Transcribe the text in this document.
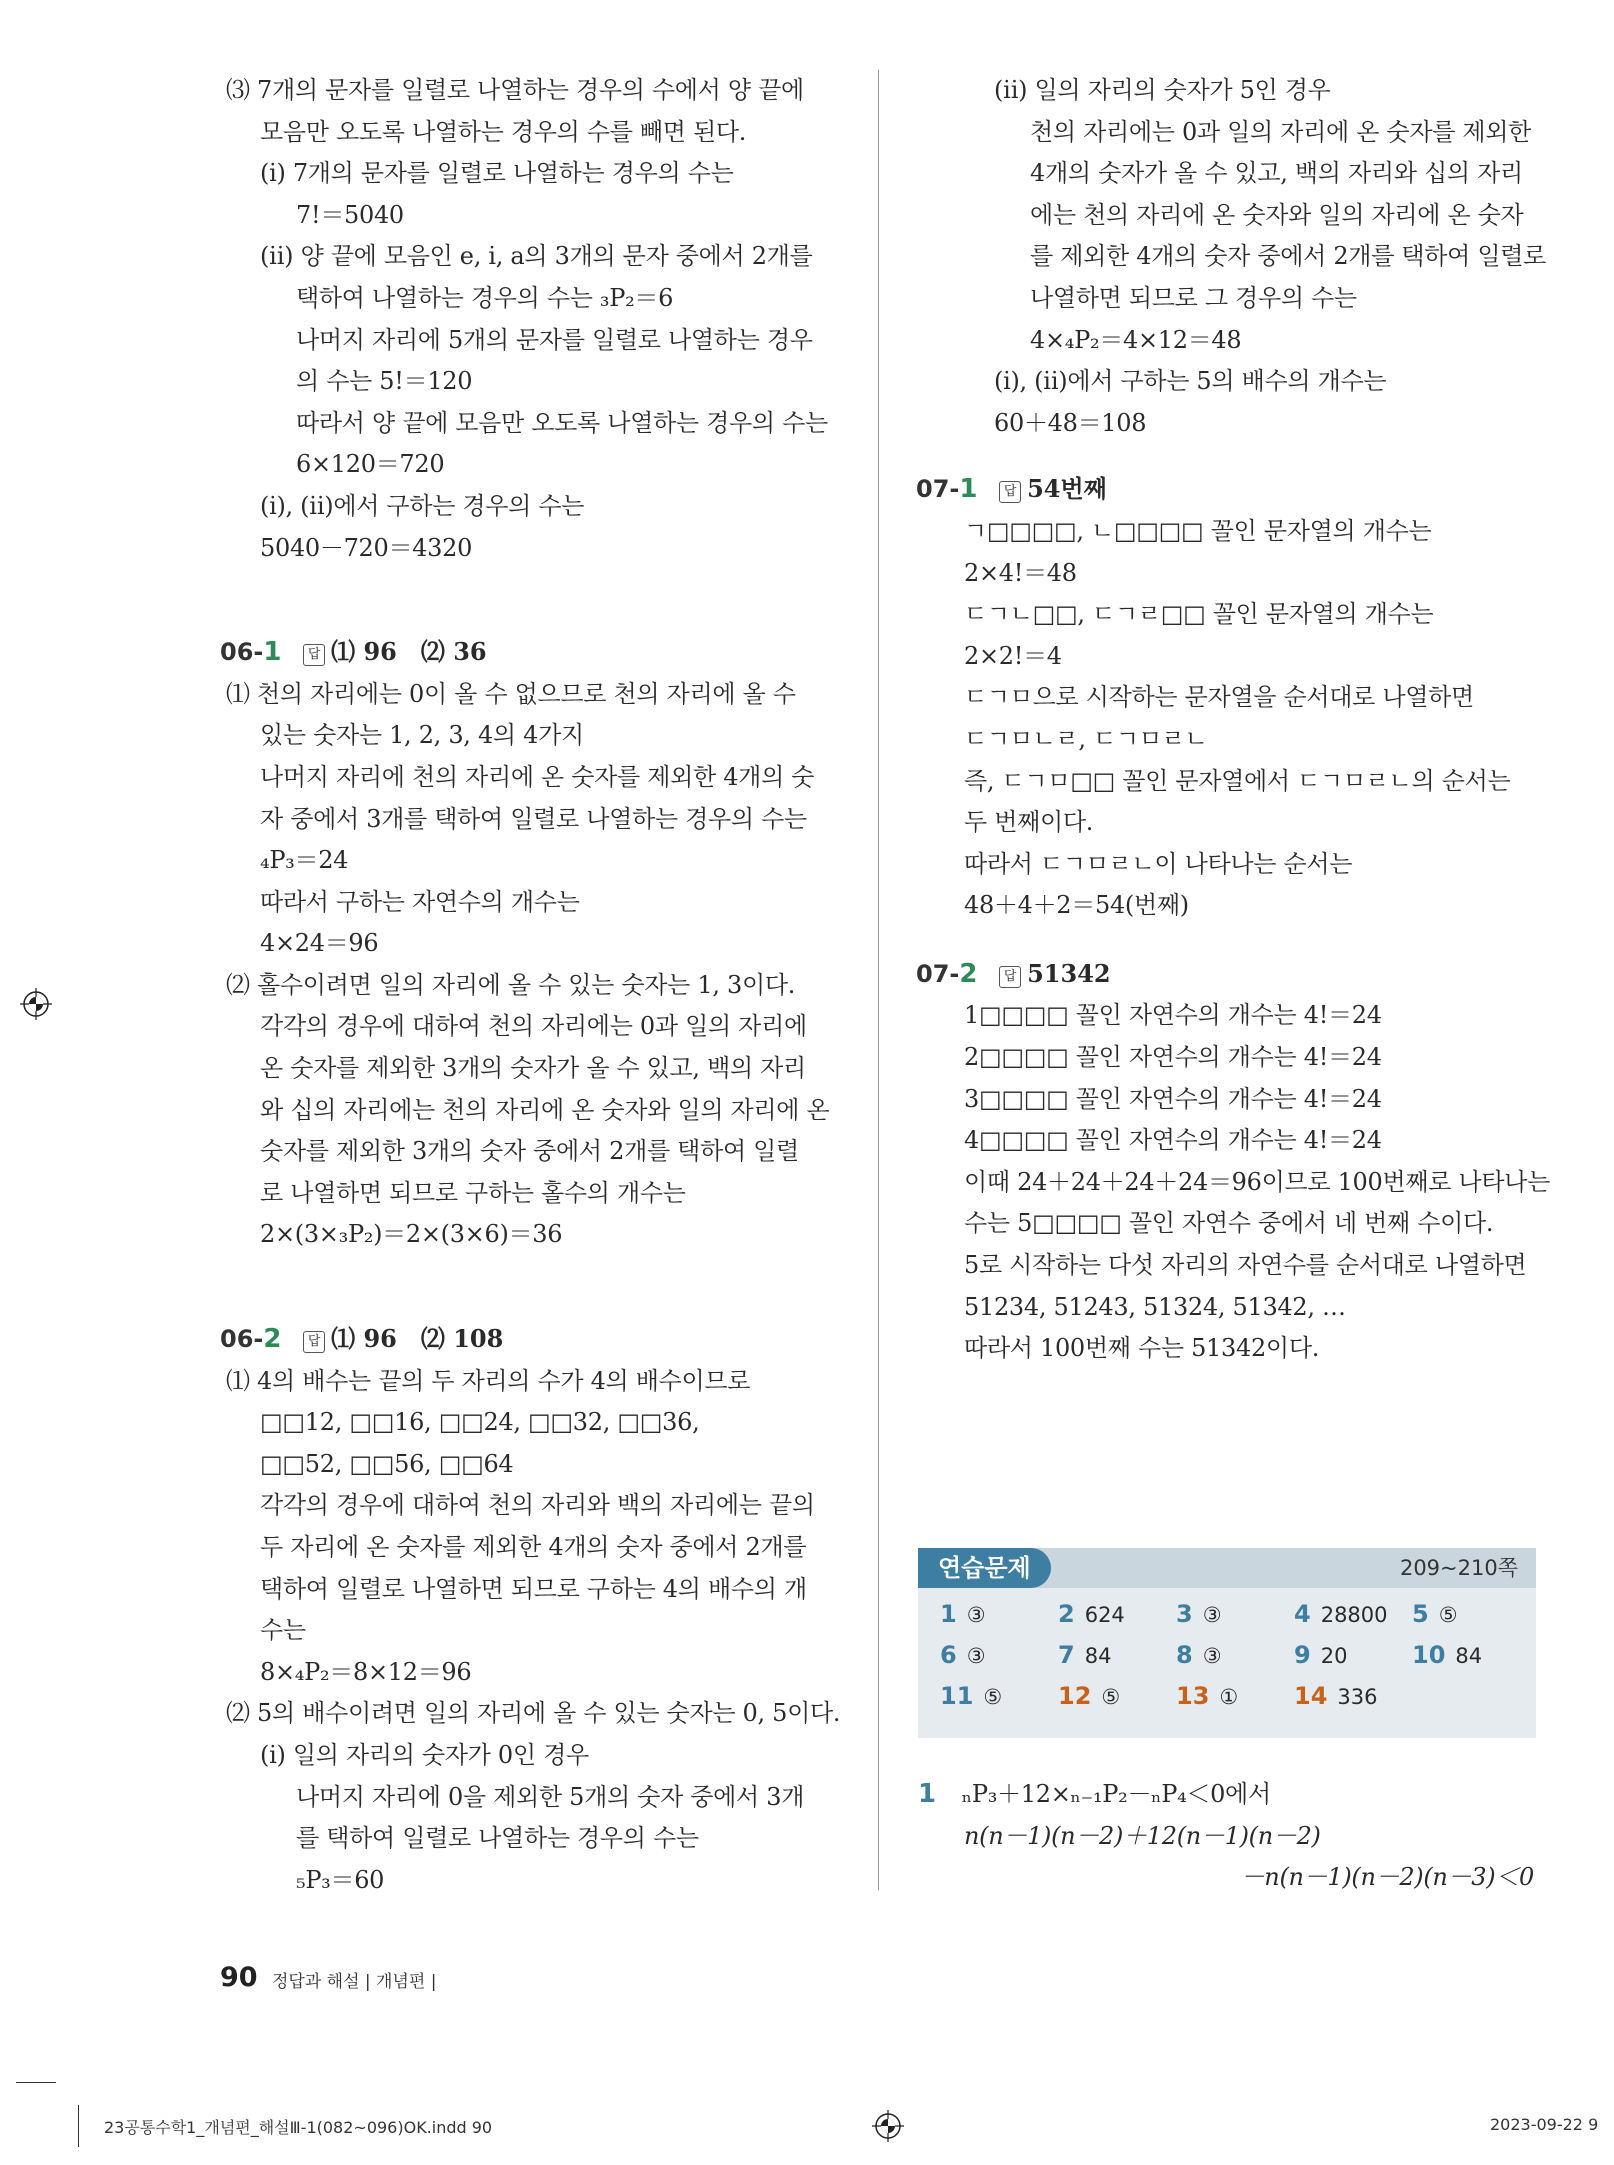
⑶ 7개의 문자를 일렬로 나열하는 경우의 수에서 양 끝에
모음만 오도록 나열하는 경우의 수를 빼면 된다.
(ⅰ) 7개의 문자를 일렬로 나열하는 경우의 수는
7!＝5040
(ⅱ) 양 끝에 모음인 e, i, a의 3개의 문자 중에서 2개를
택하여 나열하는 경우의 수는 ₃P₂＝6
나머지 자리에 5개의 문자를 일렬로 나열하는 경우
의 수는 5!＝120
따라서 양 끝에 모음만 오도록 나열하는 경우의 수는
6×120＝720
(ⅰ), (ⅱ)에서 구하는 경우의 수는
5040－720＝4320
06-1 답 ⑴ 96　⑵ 36
⑴ 천의 자리에는 0이 올 수 없으므로 천의 자리에 올 수
있는 숫자는 1, 2, 3, 4의 4가지
나머지 자리에 천의 자리에 온 숫자를 제외한 4개의 숫
자 중에서 3개를 택하여 일렬로 나열하는 경우의 수는
₄P₃＝24
따라서 구하는 자연수의 개수는
4×24＝96
⑵ 홀수이려면 일의 자리에 올 수 있는 숫자는 1, 3이다.
각각의 경우에 대하여 천의 자리에는 0과 일의 자리에
온 숫자를 제외한 3개의 숫자가 올 수 있고, 백의 자리
와 십의 자리에는 천의 자리에 온 숫자와 일의 자리에 온
숫자를 제외한 3개의 숫자 중에서 2개를 택하여 일렬
로 나열하면 되므로 구하는 홀수의 개수는
2×(3×₃P₂)＝2×(3×6)＝36
06-2 답 ⑴ 96　⑵ 108
⑴ 4의 배수는 끝의 두 자리의 수가 4의 배수이므로
□□12, □□16, □□24, □□32, □□36,
□□52, □□56, □□64
각각의 경우에 대하여 천의 자리와 백의 자리에는 끝의
두 자리에 온 숫자를 제외한 4개의 숫자 중에서 2개를
택하여 일렬로 나열하면 되므로 구하는 4의 배수의 개
수는
8×₄P₂＝8×12＝96
⑵ 5의 배수이려면 일의 자리에 올 수 있는 숫자는 0, 5이다.
(ⅰ) 일의 자리의 숫자가 0인 경우
나머지 자리에 0을 제외한 5개의 숫자 중에서 3개
를 택하여 일렬로 나열하는 경우의 수는
₅P₃＝60
(ⅱ) 일의 자리의 숫자가 5인 경우
천의 자리에는 0과 일의 자리에 온 숫자를 제외한
4개의 숫자가 올 수 있고, 백의 자리와 십의 자리
에는 천의 자리에 온 숫자와 일의 자리에 온 숫자
를 제외한 4개의 숫자 중에서 2개를 택하여 일렬로
나열하면 되므로 그 경우의 수는
4×₄P₂＝4×12＝48
(ⅰ), (ⅱ)에서 구하는 5의 배수의 개수는
60＋48＝108
07-1 답 54번째
ㄱ□□□□, ㄴ□□□□ 꼴인 문자열의 개수는
2×4!＝48
ㄷㄱㄴ□□, ㄷㄱㄹ□□ 꼴인 문자열의 개수는
2×2!＝4
ㄷㄱㅁ으로 시작하는 문자열을 순서대로 나열하면
ㄷㄱㅁㄴㄹ, ㄷㄱㅁㄹㄴ
즉, ㄷㄱㅁ□□ 꼴인 문자열에서 ㄷㄱㅁㄹㄴ의 순서는
두 번째이다.
따라서 ㄷㄱㅁㄹㄴ이 나타나는 순서는
48＋4＋2＝54(번째)
07-2 답 51342
1□□□□ 꼴인 자연수의 개수는 4!＝24
2□□□□ 꼴인 자연수의 개수는 4!＝24
3□□□□ 꼴인 자연수의 개수는 4!＝24
4□□□□ 꼴인 자연수의 개수는 4!＝24
이때 24＋24＋24＋24＝96이므로 100번째로 나타나는
수는 5□□□□ 꼴인 자연수 중에서 네 번째 수이다.
5로 시작하는 다섯 자리의 자연수를 순서대로 나열하면
51234, 51243, 51324, 51342, …
따라서 100번째 수는 51342이다.
연습문제	209~210쪽
1 ③	2 624 3 ③	4 28800 5 ⑤
6 ③	7 84	8 ③	9 20	10 84
11 ⑤ 12 ⑤ 13 ① 14 336
1 ₙP₃＋12×ₙ₋₁P₂－ₙP₄＜0에서
n(n－1)(n－2)＋12(n－1)(n－2)
－n(n－1)(n－2)(n－3)＜0
90 정답과 해설 | 개념편 |
23공통수학1_개념편_해설Ⅲ-1(082~096)OK.indd 90	2023-09-22 9
